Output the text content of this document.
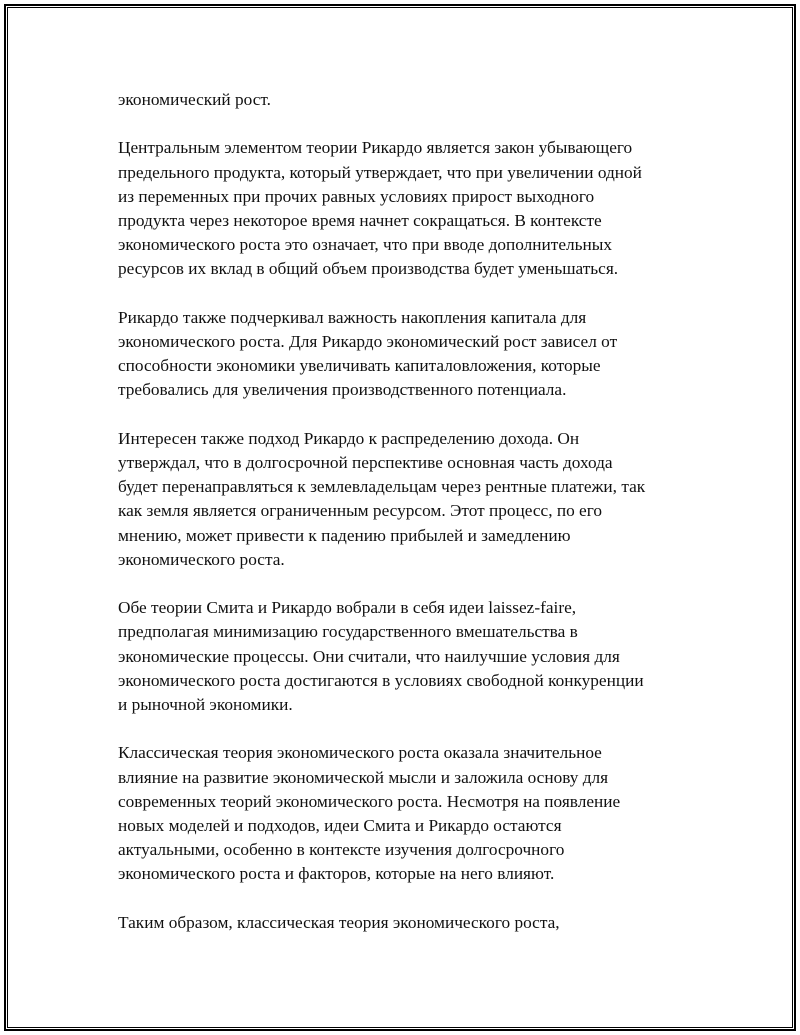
экономический рост.

Центральным элементом теории Рикардо является закон убывающего
предельного продукта, который утверждает, что при увеличении одной
из переменных при прочих равных условиях прирост выходного
продукта через некоторое время начнет сокращаться. В контексте
экономического роста это означает, что при вводе дополнительных
ресурсов их вклад в общий объем производства будет уменьшаться.

Рикардо также подчеркивал важность накопления капитала для
экономического роста. Для Рикардо экономический рост зависел от
способности экономики увеличивать капиталовложения, которые
требовались для увеличения производственного потенциала.

Интересен также подход Рикардо к распределению дохода. Он
утверждал, что в долгосрочной перспективе основная часть дохода
будет перенаправляться к землевладельцам через рентные платежи, так
как земля является ограниченным ресурсом. Этот процесс, по его
мнению, может привести к падению прибылей и замедлению
экономического роста.

Обе теории Смита и Рикардо вобрали в себя идеи laissez-faire,
предполагая минимизацию государственного вмешательства в
экономические процессы. Они считали, что наилучшие условия для
экономического роста достигаются в условиях свободной конкуренции
и рыночной экономики.

Классическая теория экономического роста оказала значительное
влияние на развитие экономической мысли и заложила основу для
современных теорий экономического роста. Несмотря на появление
новых моделей и подходов, идеи Смита и Рикардо остаются
актуальными, особенно в контексте изучения долгосрочного
экономического роста и факторов, которые на него влияют.

Таким образом, классическая теория экономического роста,
